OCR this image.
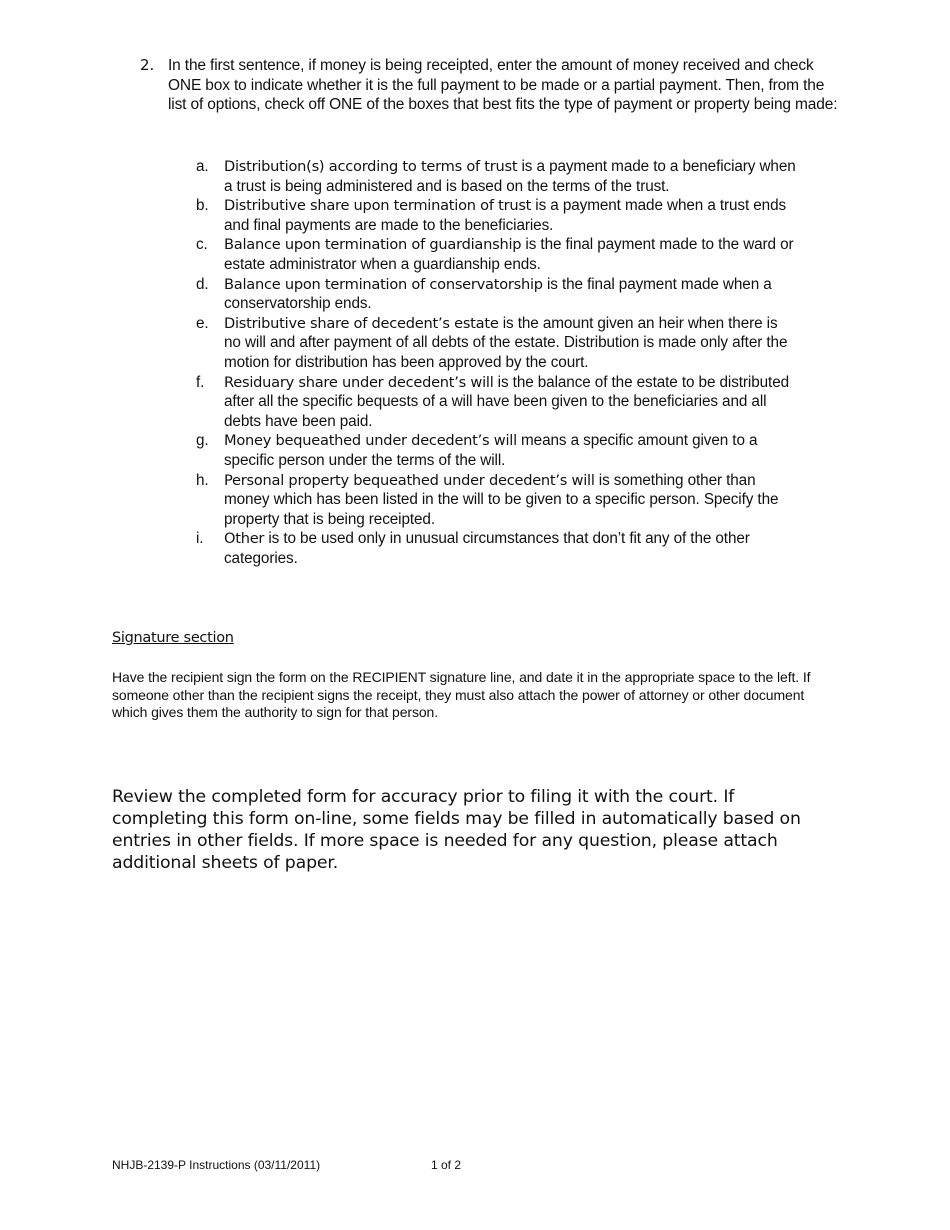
2. In the first sentence, if money is being receipted, enter the amount of money received and check ONE box to indicate whether it is the full payment to be made or a partial payment. Then, from the list of options, check off ONE of the boxes that best fits the type of payment or property being made:
a. Distribution(s) according to terms of trust is a payment made to a beneficiary when a trust is being administered and is based on the terms of the trust.
b. Distributive share upon termination of trust is a payment made when a trust ends and final payments are made to the beneficiaries.
c. Balance upon termination of guardianship is the final payment made to the ward or estate administrator when a guardianship ends.
d. Balance upon termination of conservatorship is the final payment made when a conservatorship ends.
e. Distributive share of decedent’s estate is the amount given an heir when there is no will and after payment of all debts of the estate. Distribution is made only after the motion for distribution has been approved by the court.
f. Residuary share under decedent’s will is the balance of the estate to be distributed after all the specific bequests of a will have been given to the beneficiaries and all debts have been paid.
g. Money bequeathed under decedent’s will means a specific amount given to a specific person under the terms of the will.
h. Personal property bequeathed under decedent’s will is something other than money which has been listed in the will to be given to a specific person. Specify the property that is being receipted.
i. Other is to be used only in unusual circumstances that don’t fit any of the other categories.
Signature section
Have the recipient sign the form on the RECIPIENT signature line, and date it in the appropriate space to the left. If someone other than the recipient signs the receipt, they must also attach the power of attorney or other document which gives them the authority to sign for that person.
Review the completed form for accuracy prior to filing it with the court. If completing this form on-line, some fields may be filled in automatically based on entries in other fields. If more space is needed for any question, please attach additional sheets of paper.
NHJB-2139-P Instructions (03/11/2011)	1 of 2
